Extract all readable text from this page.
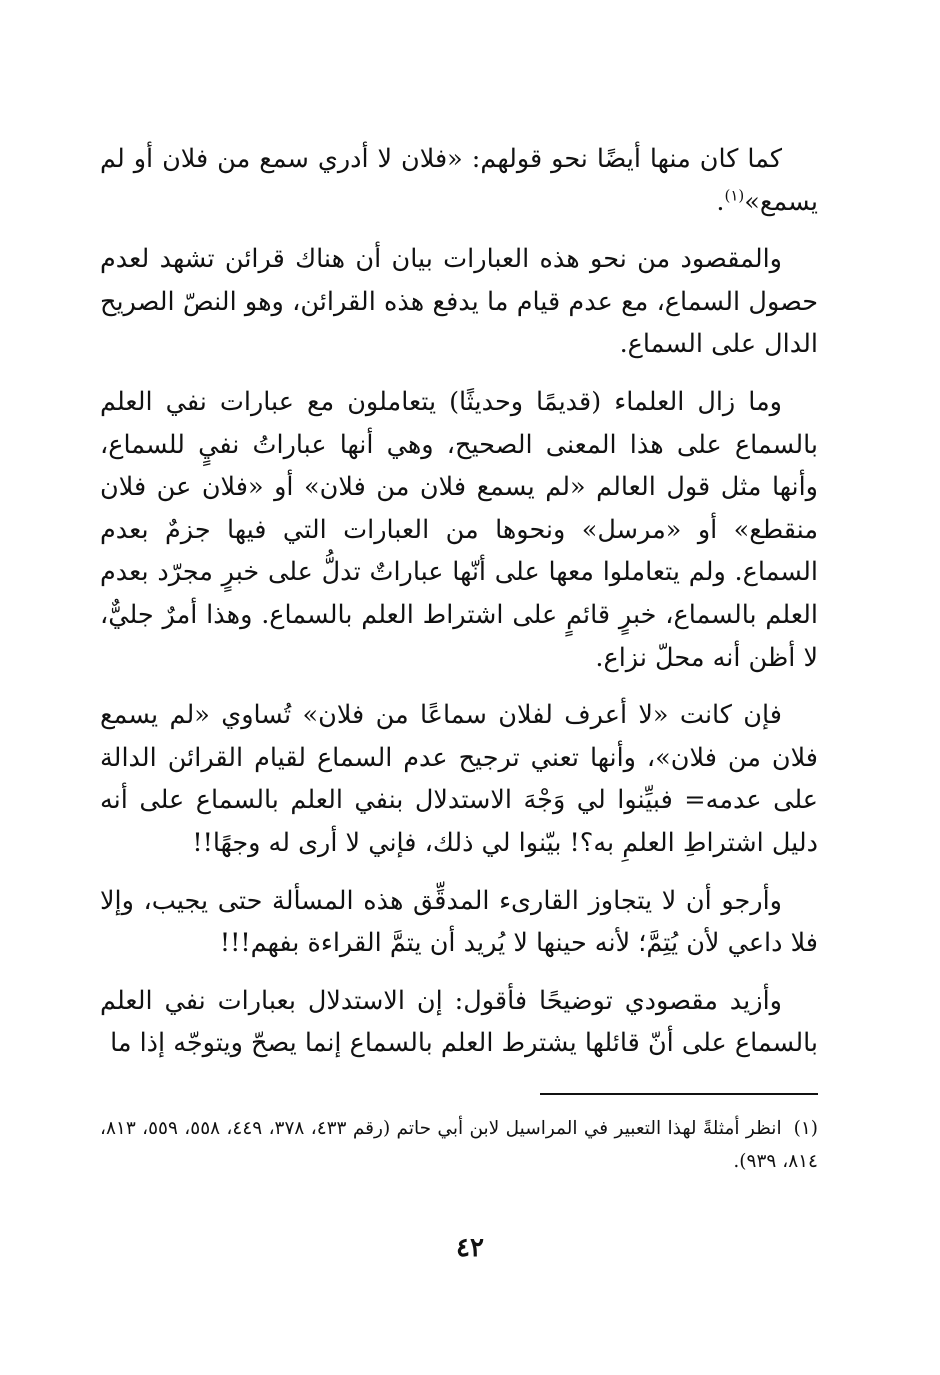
كما كان منها أيضًا نحو قولهم: «فلان لا أدري سمع من فلان أو لم يسمع»$^{(١)}$.

والمقصود من نحو هذه العبارات بيان أن هناك قرائن تشهد لعدم حصول السماع، مع عدم قيام ما يدفع هذه القرائن، وهو النصّ الصريح الدال على السماع.

وما زال العلماء (قديمًا وحديثًا) يتعاملون مع عبارات نفي العلم بالسماع على هذا المعنى الصحيح، وهي أنها عباراتُ نفيٍ للسماع، وأنها مثل قول العالم «لم يسمع فلان من فلان» أو «فلان عن فلان منقطع» أو «مرسل» ونحوها من العبارات التي فيها جزمٌ بعدم السماع. ولم يتعاملوا معها على أنّها عباراتٌ تدلُّ على خبرٍ مجرّد بعدم العلم بالسماع، خبرٍ قائمٍ على اشتراط العلم بالسماع. وهذا أمرٌ جليٌّ، لا أظن أنه محلّ نزاع.

فإن كانت «لا أعرف لفلان سماعًا من فلان» تُساوي «لم يسمع فلان من فلان»، وأنها تعني ترجيح عدم السماع لقيام القرائن الدالة على عدمه= فبيِّنوا لي وَجْهَ الاستدلال بنفي العلم بالسماع على أنه دليل اشتراطِ العلمِ به؟! بيّنوا لي ذلك، فإني لا أرى له وجهًا!!

وأرجو أن لا يتجاوز القارىء المدقِّق هذه المسألة حتى يجيب، وإلا فلا داعي لأن يُتِمَّ؛ لأنه حينها لا يُريد أن يتمَّ القراءة بفهم!!!

وأزيد مقصودي توضيحًا فأقول: إن الاستدلال بعبارات نفي العلم بالسماع على أنّ قائلها يشترط العلم بالسماع إنما يصحّ ويتوجّه إذا ما

(١)انظر أمثلةً لهذا التعبير في المراسيل لابن أبي حاتم (رقم ٤٣٣، ٣٧٨، ٤٤٩، ٥٥٨، ٥٥٩، ٨١٣، ٨١٤، ٩٣٩).
٤٢
